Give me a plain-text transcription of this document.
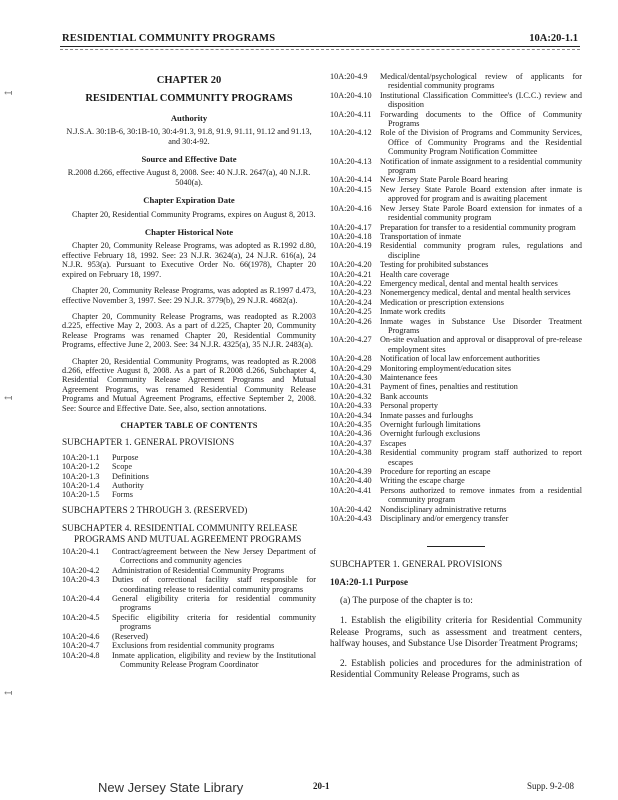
RESIDENTIAL COMMUNITY PROGRAMS	10A:20-1.1
↤
↤
↤
CHAPTER 20
RESIDENTIAL COMMUNITY PROGRAMS
Authority

N.J.S.A. 30:1B-6, 30:1B-10, 30:4-91.3, 91.8, 91.9, 91.11, 91.12 and 91.13, and 30:4-92.

Source and Effective Date

R.2008 d.266, effective August 8, 2008. See: 40 N.J.R. 2647(a), 40 N.J.R. 5040(a).

Chapter Expiration Date

Chapter 20, Residential Community Programs, expires on August 8, 2013.

Chapter Historical Note

Chapter 20, Community Release Programs, was adopted as R.1992 d.80, effective February 18, 1992. See: 23 N.J.R. 3624(a), 24 N.J.R. 616(a), 24 N.J.R. 953(a). Pursuant to Executive Order No. 66(1978), Chapter 20 expired on February 18, 1997.

Chapter 20, Community Release Programs, was adopted as R.1997 d.473, effective November 3, 1997. See: 29 N.J.R. 3779(b), 29 N.J.R. 4682(a).

Chapter 20, Community Release Programs, was readopted as R.2003 d.225, effective May 2, 2003. As a part of d.225, Chapter 20, Community Release Programs was renamed Chapter 20, Residential Community Programs, effective June 2, 2003. See: 34 N.J.R. 4325(a), 35 N.J.R. 2483(a).

Chapter 20, Residential Community Programs, was readopted as R.2008 d.266, effective August 8, 2008. As a part of R.2008 d.266, Subchapter 4, Residential Community Release Agreement Programs and Mutual Agreement Programs, was renamed Residential Community Release Programs and Mutual Agreement Programs, effective September 2, 2008. See: Source and Effective Date. See, also, section annotations.

CHAPTER TABLE OF CONTENTS
SUBCHAPTER 1. GENERAL PROVISIONS
10A:20-1.1	Purpose
10A:20-1.2	Scope
10A:20-1.3	Definitions
10A:20-1.4	Authority
10A:20-1.5	Forms
SUBCHAPTERS 2 THROUGH 3. (RESERVED)
SUBCHAPTER 4. RESIDENTIAL COMMUNITY RELEASE PROGRAMS AND MUTUAL AGREEMENT PROGRAMS
10A:20-4.1	Contract/agreement between the New Jersey Department of Corrections and community agencies
10A:20-4.2	Administration of Residential Community Programs
10A:20-4.3	Duties of correctional facility staff responsible for coordinating release to residential community programs
10A:20-4.4	General eligibility criteria for residential community programs
10A:20-4.5	Specific eligibility criteria for residential community programs
10A:20-4.6	(Reserved)
10A:20-4.7	Exclusions from residential community programs
10A:20-4.8	Inmate application, eligibility and review by the Institutional Community Release Program Coordinator
10A:20-4.9	Medical/dental/psychological review of applicants for residential community programs
10A:20-4.10	Institutional Classification Committee's (I.C.C.) review and disposition
10A:20-4.11	Forwarding documents to the Office of Community Programs
10A:20-4.12	Role of the Division of Programs and Community Services, Office of Community Programs and the Residential Community Program Notification Committee
10A:20-4.13	Notification of inmate assignment to a residential community program
10A:20-4.14	New Jersey State Parole Board hearing
10A:20-4.15	New Jersey State Parole Board extension after inmate is approved for program and is awaiting placement
10A:20-4.16	New Jersey State Parole Board extension for inmates of a residential community program
10A:20-4.17	Preparation for transfer to a residential community program
10A:20-4.18	Transportation of inmate
10A:20-4.19	Residential community program rules, regulations and discipline
10A:20-4.20	Testing for prohibited substances
10A:20-4.21	Health care coverage
10A:20-4.22	Emergency medical, dental and mental health services
10A:20-4.23	Nonemergency medical, dental and mental health services
10A:20-4.24	Medication or prescription extensions
10A:20-4.25	Inmate work credits
10A:20-4.26	Inmate wages in Substance Use Disorder Treatment Programs
10A:20-4.27	On-site evaluation and approval or disapproval of pre-release employment sites
10A:20-4.28	Notification of local law enforcement authorities
10A:20-4.29	Monitoring employment/education sites
10A:20-4.30	Maintenance fees
10A:20-4.31	Payment of fines, penalties and restitution
10A:20-4.32	Bank accounts
10A:20-4.33	Personal property
10A:20-4.34	Inmate passes and furloughs
10A:20-4.35	Overnight furlough limitations
10A:20-4.36	Overnight furlough exclusions
10A:20-4.37	Escapes
10A:20-4.38	Residential community program staff authorized to report escapes
10A:20-4.39	Procedure for reporting an escape
10A:20-4.40	Writing the escape charge
10A:20-4.41	Persons authorized to remove inmates from a residential community program
10A:20-4.42	Nondisciplinary administrative returns
10A:20-4.43	Disciplinary and/or emergency transfer
SUBCHAPTER 1. GENERAL PROVISIONS
10A:20-1.1 Purpose
(a) The purpose of the chapter is to:
1. Establish the eligibility criteria for Residential Community Release Programs, such as assessment and treatment centers, halfway houses, and Substance Use Disorder Treatment Programs;
2. Establish policies and procedures for the administration of Residential Community Release Programs, such as
New Jersey State Library	20-1	Supp. 9-2-08
